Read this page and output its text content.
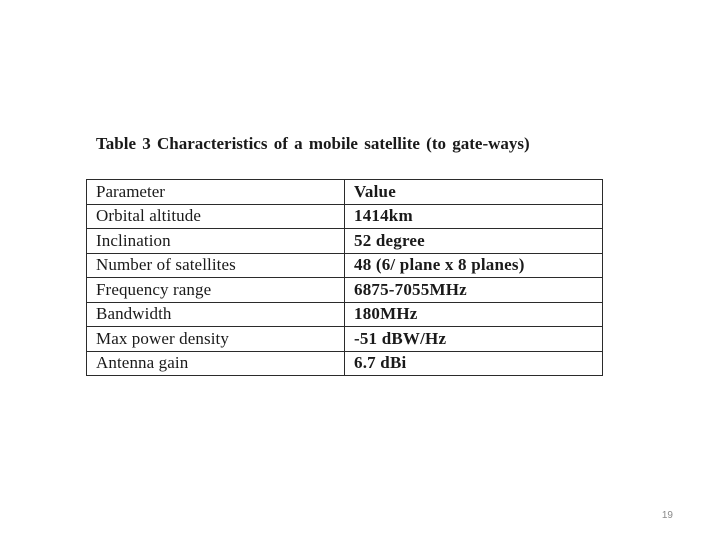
Table 3 Characteristics of a mobile satellite (to gate-ways)
Parameter	Value
Orbital altitude	1414km
Inclination	52 degree
Number of satellites	48 (6/ plane x 8 planes)
Frequency range	6875-7055MHz
Bandwidth	180MHz
Max power density	-51 dBW/Hz
Antenna gain	6.7 dBi
19
